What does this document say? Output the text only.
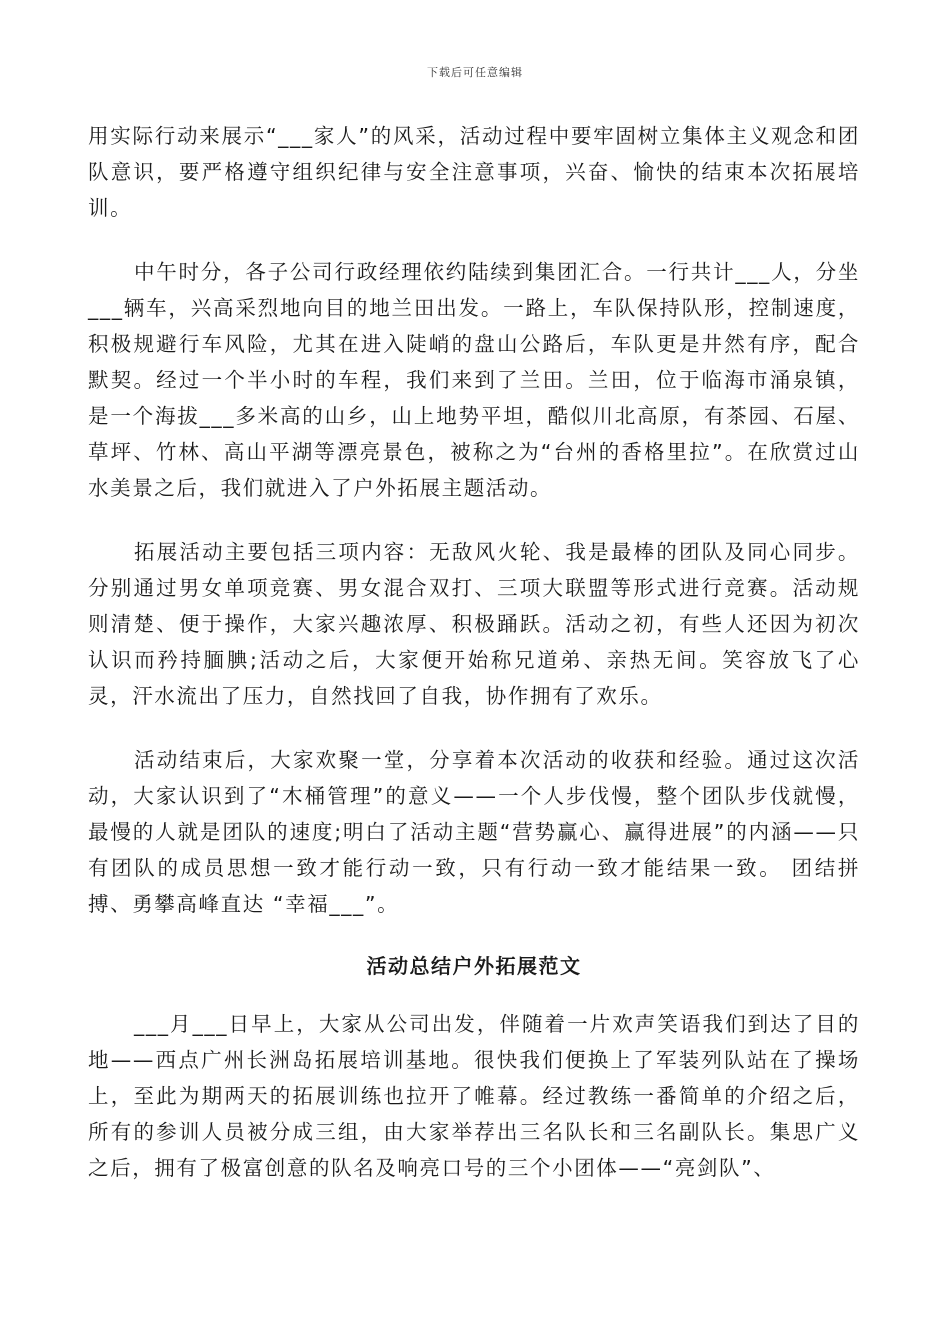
下载后可任意编辑

用实际行动来展示“___家人”的风采，活动过程中要牢固树立集体主义观念和团队意识，要严格遵守组织纪律与安全注意事项，兴奋、愉快的结束本次拓展培训。

中午时分，各子公司行政经理依约陆续到集团汇合。一行共计___人，分坐___辆车，兴高采烈地向目的地兰田出发。一路上，车队保持队形，控制速度，积极规避行车风险，尤其在进入陡峭的盘山公路后，车队更是井然有序，配合默契。经过一个半小时的车程，我们来到了兰田。兰田，位于临海市涌泉镇，是一个海拔___多米高的山乡，山上地势平坦，酷似川北高原，有茶园、石屋、草坪、竹林、高山平湖等漂亮景色，被称之为“台州的香格里拉”。在欣赏过山水美景之后，我们就进入了户外拓展主题活动。

拓展活动主要包括三项内容：无敌风火轮、我是最棒的团队及同心同步。分别通过男女单项竞赛、男女混合双打、三项大联盟等形式进行竞赛。活动规则清楚、便于操作，大家兴趣浓厚、积极踊跃。活动之初，有些人还因为初次认识而矜持腼腆;活动之后，大家便开始称兄道弟、亲热无间。笑容放飞了心灵，汗水流出了压力，自然找回了自我，协作拥有了欢乐。

活动结束后，大家欢聚一堂，分享着本次活动的收获和经验。通过这次活动，大家认识到了“木桶管理”的意义——一个人步伐慢，整个团队步伐就慢，最慢的人就是团队的速度;明白了活动主题“营势赢心、赢得进展”的内涵——只有团队的成员思想一致才能行动一致，只有行动一致才能结果一致。 团结拼搏、勇攀高峰直达 “幸福___”。

活动总结户外拓展范文

___月___日早上，大家从公司出发，伴随着一片欢声笑语我们到达了目的地——西点广州长洲岛拓展培训基地。很快我们便换上了军装列队站在了操场上，至此为期两天的拓展训练也拉开了帷幕。经过教练一番简单的介绍之后，所有的参训人员被分成三组，由大家举荐出三名队长和三名副队长。集思广义之后，拥有了极富创意的队名及响亮口号的三个小团体——“亮剑队”、
